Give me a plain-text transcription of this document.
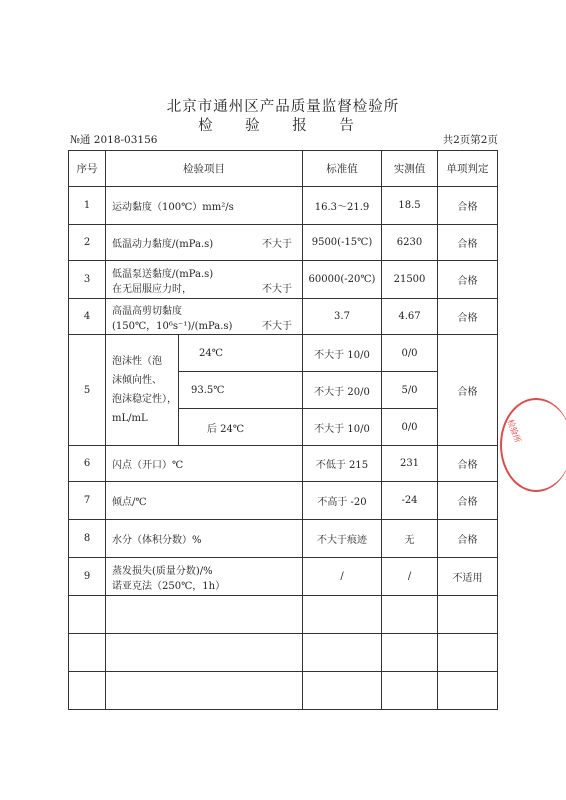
北京市通州区产品质量监督检验所
检 验 报 告
№通 2018-03156	共2页第2页
序号	检验项目		标准值	实测值	单项判定
1	运动黏度（100℃）mm²/s		16.3～21.9	18.5	合格
2	低温动力黏度/(mPa.s) 不大于		9500(-15℃)	6230	合格
3	低温泵送黏度/(mPa.s)
在无屈服应力时， 不大于		60000(-20℃)	21500	合格
4	高温高剪切黏度
(150℃，10⁶s⁻¹)/(mPa.s) 不大于		3.7	4.67	合格
5	泡沫性（泡
沫倾向性、
泡沫稳定性），
mL/mL	24℃	不大于 10/0	0/0	合格
		93.5℃	不大于 20/0	5/0	
		后 24℃	不大于 10/0	0/0	
6	闪点（开口）℃		不低于 215	231	合格
7	倾点/℃		不高于 -20	-24	合格
8	水分（体积分数）%		不大于痕迹	无	合格
9	蒸发损失(质量分数)/%
诺亚克法（250℃，1h）		/	/	不适用

检验所
